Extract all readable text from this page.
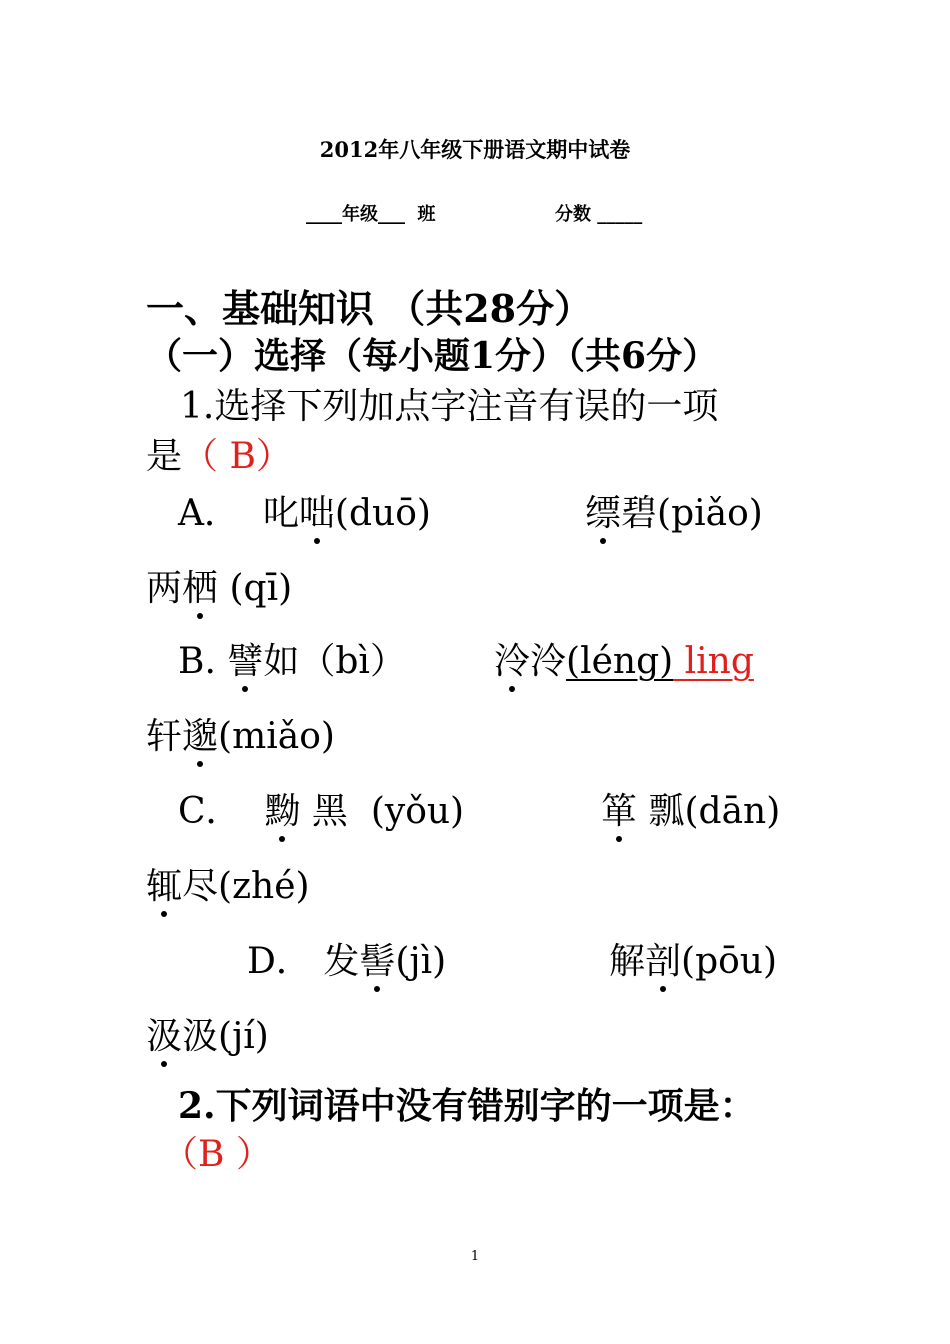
2012年八年级下册语文期中试卷
____年级___ 班	分数 _____
一、基础知识 （共28分）
（一）选择（每小题1分）（共6分）
1.选择下列加点字注音有误的一项
是（ B）
A． 叱咄(duō)	缥碧(piǎo)
两栖 (qī)
B. 譬如（bì） 泠泠(léng) ling
轩邈(miǎo)
C． 黝 黑 (yǒu)	箪 瓢(dān)
辄尽(zhé)
D． 发髻(jì)	解剖(pōu)
汲汲(jí)
2.下列词语中没有错别字的一项是：
（B ）
1
